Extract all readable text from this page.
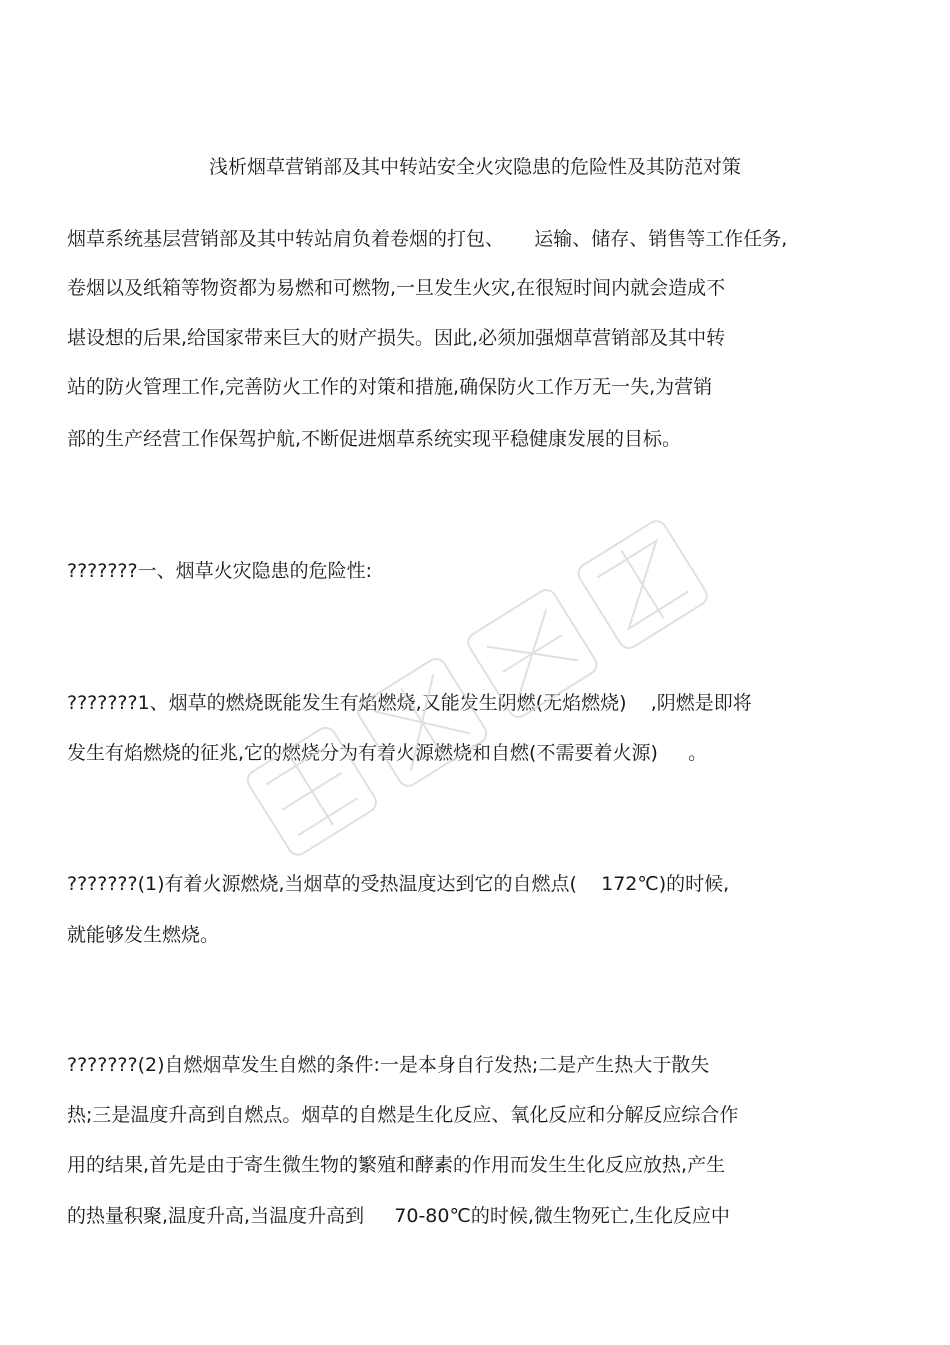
浅析烟草营销部及其中转站安全火灾隐患的危险性及其防范对策
烟草系统基层营销部及其中转站肩负着卷烟的打包、     运输、储存、销售等工作任务,
卷烟以及纸箱等物资都为易燃和可燃物,一旦发生火灾,在很短时间内就会造成不
堪设想的后果,给国家带来巨大的财产损失。因此,必须加强烟草营销部及其中转
站的防火管理工作,完善防火工作的对策和措施,确保防火工作万无一失,为营销
部的生产经营工作保驾护航,不断促进烟草系统实现平稳健康发展的目标。
???????一、烟草火灾隐患的危险性:
???????1、烟草的燃烧既能发生有焰燃烧,又能发生阴燃(无焰燃烧)    ,阴燃是即将
发生有焰燃烧的征兆,它的燃烧分为有着火源燃烧和自燃(不需要着火源)     。
???????(1)有着火源燃烧,当烟草的受热温度达到它的自燃点(    172℃)的时候,
就能够发生燃烧。
???????(2)自燃烟草发生自燃的条件:一是本身自行发热;二是产生热大于散失
热;三是温度升高到自燃点。烟草的自燃是生化反应、氧化反应和分解反应综合作
用的结果,首先是由于寄生微生物的繁殖和酵素的作用而发生生化反应放热,产生
的热量积聚,温度升高,当温度升高到     70-80℃的时候,微生物死亡,生化反应中
